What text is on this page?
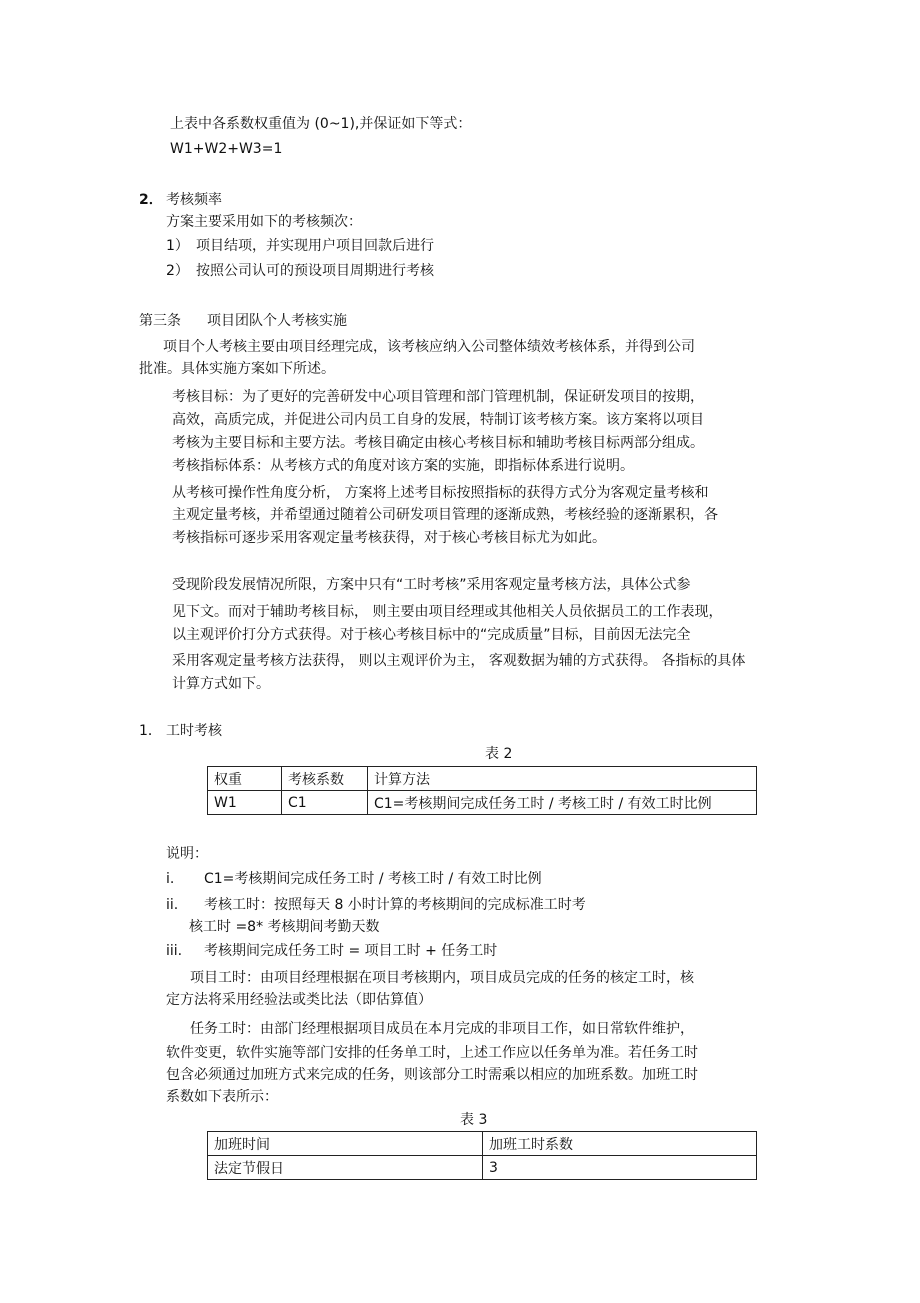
上表中各系数权重值为 (0~1),并保证如下等式：
W1+W2+W3=1
2． 考核频率
方案主要采用如下的考核频次：
1） 项目结项，并实现用户项目回款后进行
2） 按照公司认可的预设项目周期进行考核
第三条 项目团队个人考核实施
项目个人考核主要由项目经理完成，该考核应纳入公司整体绩效考核体系，并得到公司
批准。具体实施方案如下所述。
考核目标：为了更好的完善研发中心项目管理和部门管理机制，保证研发项目的按期，
高效，高质完成，并促进公司内员工自身的发展，特制订该考核方案。该方案将以项目
考核为主要目标和主要方法。考核目确定由核心考核目标和辅助考核目标两部分组成。
考核指标体系：从考核方式的角度对该方案的实施，即指标体系进行说明。
从考核可操作性角度分析， 方案将上述考目标按照指标的获得方式分为客观定量考核和
主观定量考核，并希望通过随着公司研发项目管理的逐渐成熟，考核经验的逐渐累积，各
考核指标可逐步采用客观定量考核获得，对于核心考核目标尤为如此。
受现阶段发展情况所限，方案中只有“工时考核”采用客观定量考核方法，具体公式参
见下文。而对于辅助考核目标， 则主要由项目经理或其他相关人员依据员工的工作表现，
以主观评价打分方式获得。对于核心考核目标中的“完成质量”目标，目前因无法完全
采用客观定量考核方法获得， 则以主观评价为主， 客观数据为辅的方式获得。 各指标的具体
计算方式如下。
1． 工时考核
表 2
权重	考核系数	计算方法
W1	C1	C1=考核期间完成任务工时 / 考核工时 / 有效工时比例
说明：
i. C1=考核期间完成任务工时 / 考核工时 / 有效工时比例
ii. 考核工时：按照每天 8 小时计算的考核期间的完成标准工时考
核工时 =8* 考核期间考勤天数
iii. 考核期间完成任务工时 = 项目工时 + 任务工时
项目工时：由项目经理根据在项目考核期内，项目成员完成的任务的核定工时，核
定方法将采用经验法或类比法（即估算值）
任务工时：由部门经理根据项目成员在本月完成的非项目工作，如日常软件维护，
软件变更，软件实施等部门安排的任务单工时，上述工作应以任务单为准。若任务工时
包含必须通过加班方式来完成的任务，则该部分工时需乘以相应的加班系数。加班工时
系数如下表所示：
表 3
加班时间	加班工时系数
法定节假日	3
